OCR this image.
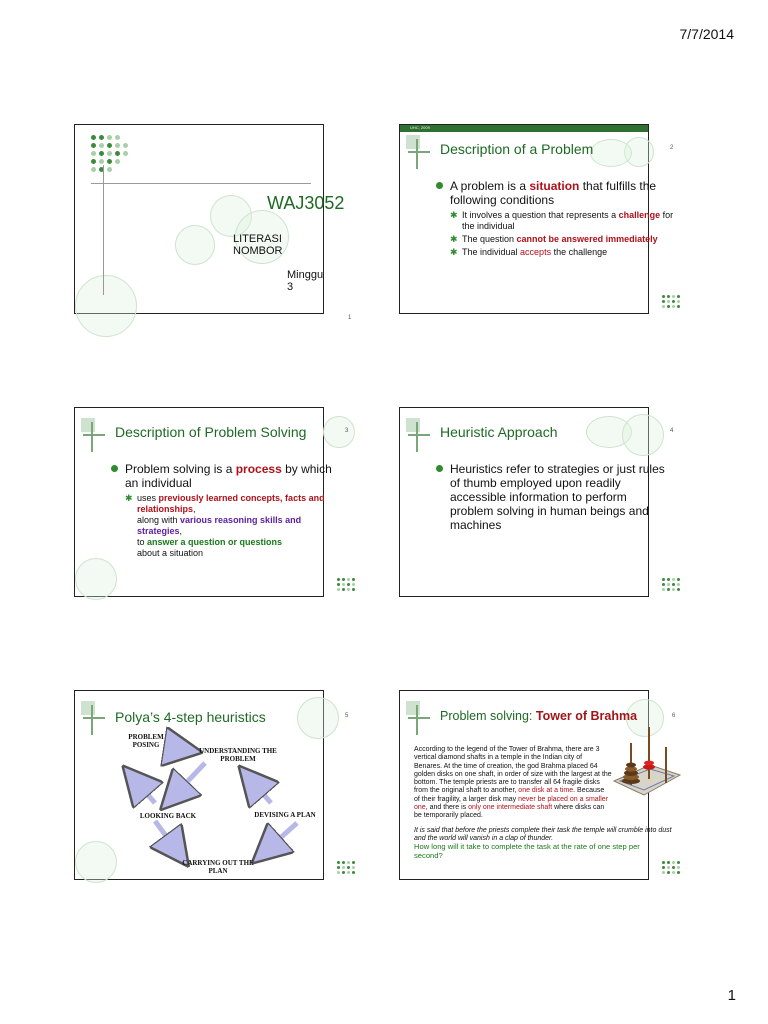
7/7/2014
WAJ3052
LITERASI NOMBOR
Minggu 3
1
UHC, 2009
Description of a Problem	2
A problem is a situation that fulfills the following conditions
✱ It involves a question that represents a challenge for the individual
✱ The question cannot be answered immediately
✱ The individual accepts the challenge
Description of Problem Solving	3
Problem solving is a process by which an individual
✱ uses previously learned concepts, facts and relationships,
along with various reasoning skills and strategies,
to answer a question or questions
about a situation
Heuristic Approach	4
Heuristics refer to strategies or just rules of thumb employed upon readily accessible information to perform problem solving in human beings and machines
Polya’s 4-step heuristics	5
PROBLEM POSING
UNDERSTANDING THE PROBLEM
LOOKING BACK	DEVISING A PLAN
CARRYING OUT THE PLAN
Problem solving: Tower of Brahma	6
According to the legend of the Tower of Brahma, there are 3 vertical diamond shafts in a temple in the Indian city of Benares. At the time of creation, the god Brahma placed 64 golden disks on one shaft, in order of size with the largest at the bottom. The temple priests are to transfer all 64 fragile disks from the original shaft to another, one disk at a time. Because of their fragility, a larger disk may never be placed on a smaller one, and there is only one intermediate shaft where disks can be temporarily placed.
It is said that before the priests complete their task the temple will crumble into dust and the world will vanish in a clap of thunder.
How long will it take to complete the task at the rate of one step per second?
1
